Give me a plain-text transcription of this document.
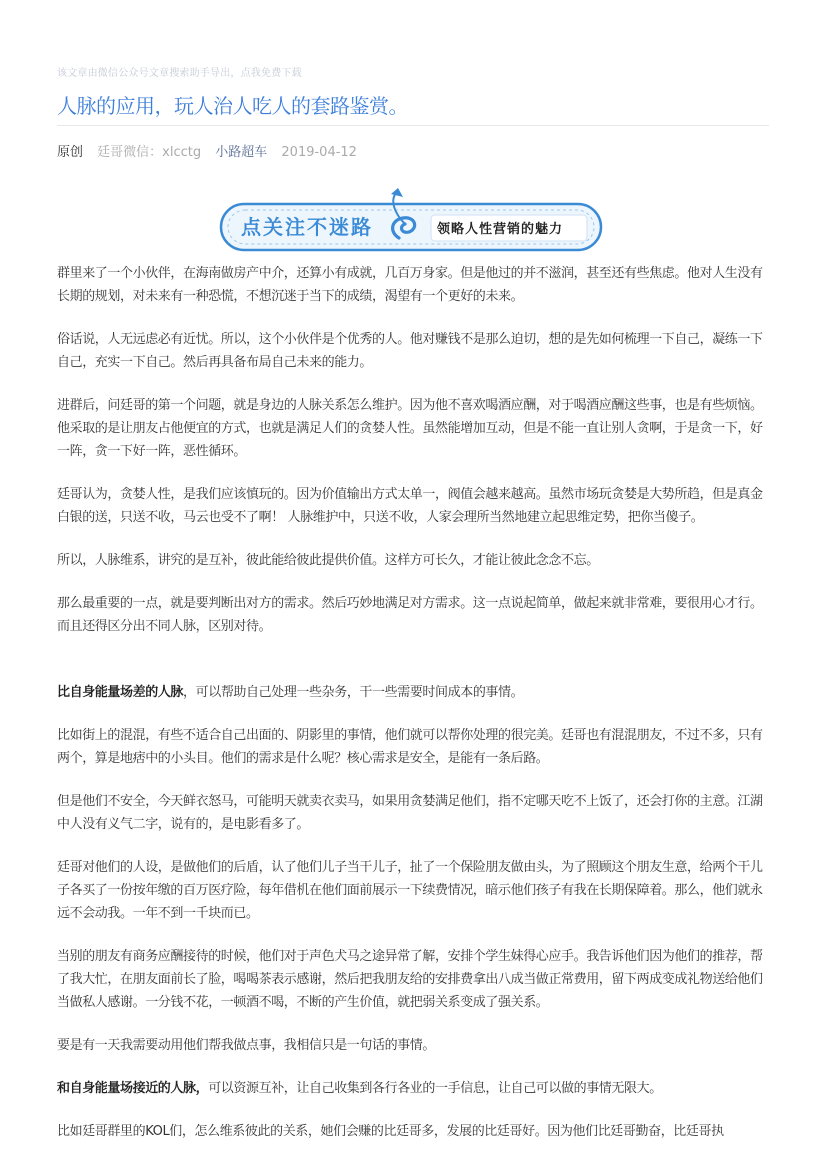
该文章由微信公众号文章搜索助手导出，点我免费下载
人脉的应用，玩人治人吃人的套路鉴赏。
原创 廷哥微信：xlcctg 小路超车 2019-04-12
点关注不迷路	领略人性营销的魅力

群里来了一个小伙伴，在海南做房产中介，还算小有成就，几百万身家。但是他过的并不滋润，甚至还有些焦虑。他对人生没有长期的规划，对未来有一种恐慌，不想沉迷于当下的成绩，渴望有一个更好的未来。

俗话说，人无远虑必有近忧。所以，这个小伙伴是个优秀的人。他对赚钱不是那么迫切，想的是先如何梳理一下自己，凝练一下自己，充实一下自己。然后再具备布局自己未来的能力。

进群后，问廷哥的第一个问题，就是身边的人脉关系怎么维护。因为他不喜欢喝酒应酬，对于喝酒应酬这些事，也是有些烦恼。他采取的是让朋友占他便宜的方式，也就是满足人们的贪婪人性。虽然能增加互动，但是不能一直让别人贪啊，于是贪一下，好一阵，贪一下好一阵，恶性循环。

廷哥认为，贪婪人性，是我们应该慎玩的。因为价值输出方式太单一，阀值会越来越高。虽然市场玩贪婪是大势所趋，但是真金白银的送，只送不收，马云也受不了啊！ 人脉维护中，只送不收，人家会理所当然地建立起思维定势，把你当傻子。

所以，人脉维系，讲究的是互补，彼此能给彼此提供价值。这样方可长久，才能让彼此念念不忘。

那么最重要的一点，就是要判断出对方的需求。然后巧妙地满足对方需求。这一点说起简单，做起来就非常难，要很用心才行。而且还得区分出不同人脉，区别对待。

比自身能量场差的人脉，可以帮助自己处理一些杂务，干一些需要时间成本的事情。

比如街上的混混，有些不适合自己出面的、阴影里的事情，他们就可以帮你处理的很完美。廷哥也有混混朋友，不过不多，只有两个，算是地痞中的小头目。他们的需求是什么呢？核心需求是安全，是能有一条后路。

但是他们不安全，今天鲜衣怒马，可能明天就卖衣卖马，如果用贪婪满足他们，指不定哪天吃不上饭了，还会打你的主意。江湖中人没有义气二字，说有的，是电影看多了。

廷哥对他们的人设，是做他们的后盾，认了他们儿子当干儿子，扯了一个保险朋友做由头，为了照顾这个朋友生意，给两个干儿子各买了一份按年缴的百万医疗险，每年借机在他们面前展示一下续费情况，暗示他们孩子有我在长期保障着。那么，他们就永远不会动我。一年不到一千块而已。

当别的朋友有商务应酬接待的时候，他们对于声色犬马之途异常了解，安排个学生妹得心应手。我告诉他们因为他们的推荐，帮了我大忙，在朋友面前长了脸，喝喝茶表示感谢，然后把我朋友给的安排费拿出八成当做正常费用，留下两成变成礼物送给他们当做私人感谢。一分钱不花，一顿酒不喝，不断的产生价值，就把弱关系变成了强关系。

要是有一天我需要动用他们帮我做点事，我相信只是一句话的事情。

和自身能量场接近的人脉，可以资源互补，让自己收集到各行各业的一手信息，让自己可以做的事情无限大。

比如廷哥群里的KOL们，怎么维系彼此的关系，她们会赚的比廷哥多，发展的比廷哥好。因为他们比廷哥勤奋，比廷哥执
